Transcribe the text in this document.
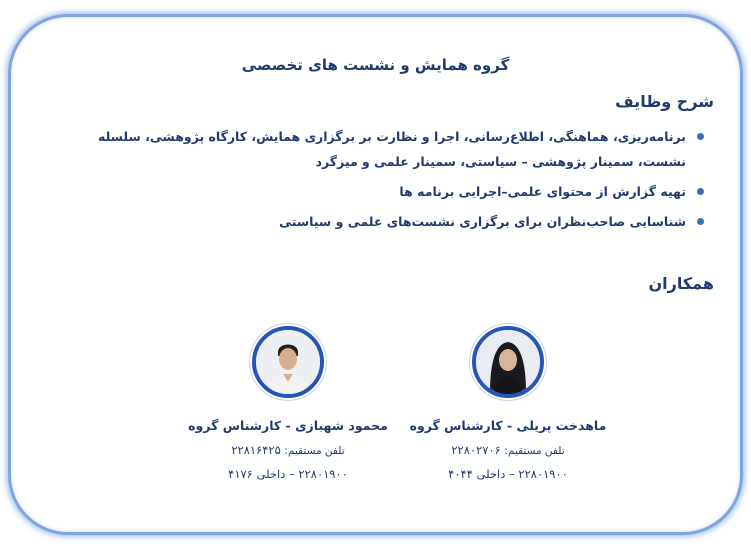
گروه همایش و نشست های تخصصی
شرح وظایف
برنامه‌ریزی، هماهنگی، اطلاع‌رسانی، اجرا و نظارت بر برگزاری همایش، کارگاه پژوهشی، سلسله نشست، سمینار پژوهشی – سیاستی، سمینار علمی و میزگرد
تهیه گزارش از محتوای علمی–اجرایی برنامه ها
شناسایی صاحب‌نظران برای برگزاری نشست‌های علمی و سیاستی
همکاران
ماهدخت پریلی - کارشناس گروه
تلفن مستقیم: ۲۲۸۰۲۷۰۶
۲۲۸۰۱۹۰۰ – داخلی ۴۰۴۴
محمود شهبازی - کارشناس گروه
تلفن مستقیم: ۲۲۸۱۶۴۲۵
۲۲۸۰۱۹۰۰ – داخلی ۴۱۷۶
